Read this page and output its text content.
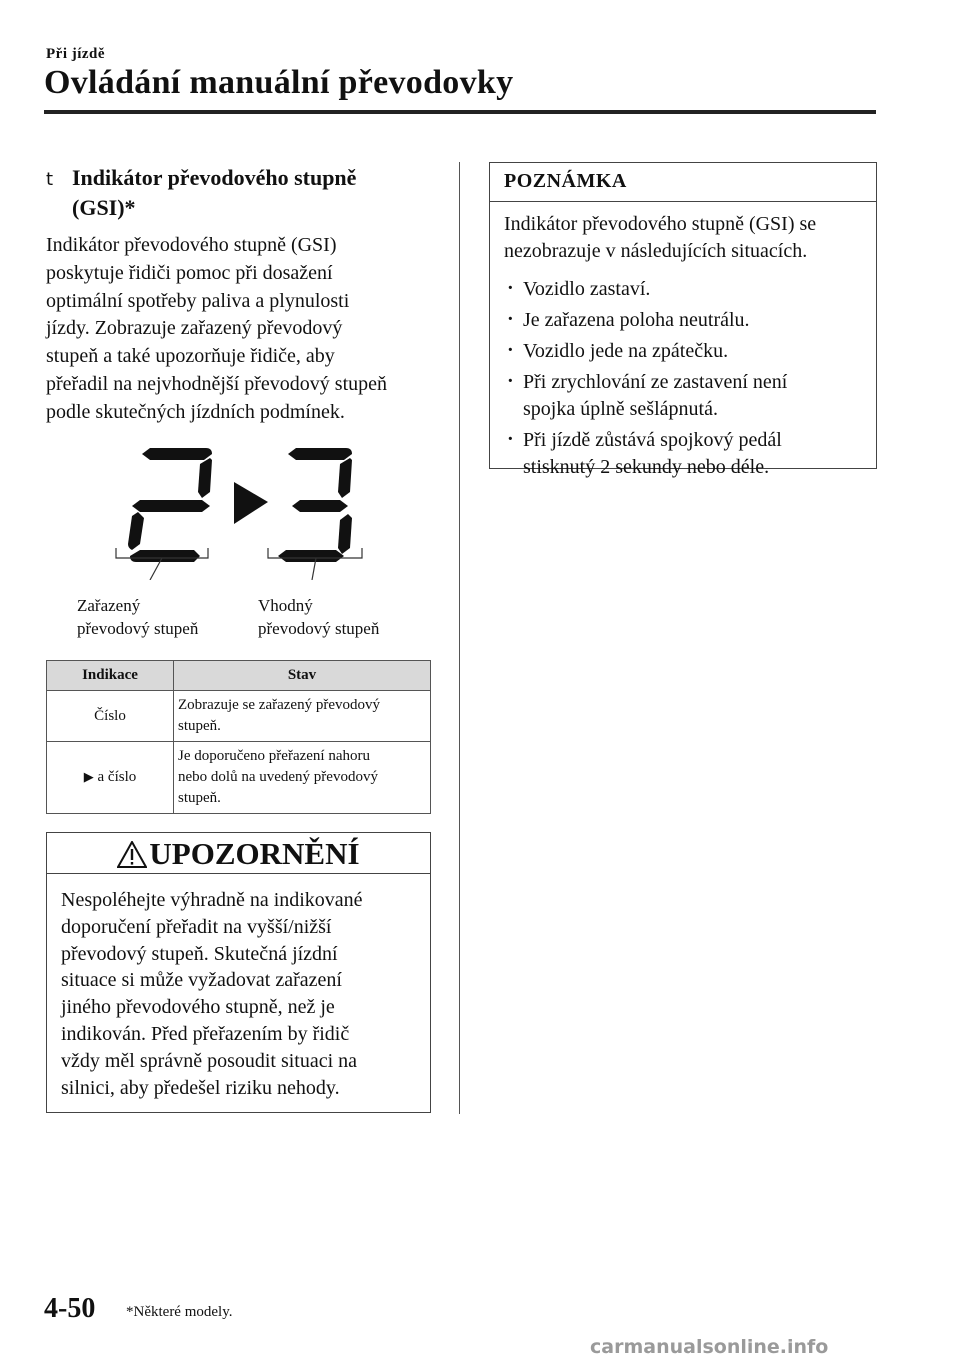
Při jízdě
Ovládání manuální převodovky
t Indikátor převodového stupně
(GSI)*

Indikátor převodového stupně (GSI)

poskytuje řidiči pomoc při dosažení

optimální spotřeby paliva a plynulosti

jízdy. Zobrazuje zařazený převodový

stupeň a také upozorňuje řidiče, aby

přeřadil na nejvhodnější převodový stupeň

podle skutečných jízdních podmínek.

Zařazený

převodový stupeň

Vhodný

převodový stupeň

Indikace	Stav
Číslo	Zobrazuje se zařazený převodový
stupeň.
▶ a číslo	Je doporučeno přeřazení nahoru
nebo dolů na uvedený převodový
stupeň.
UPOZORNĚNÍ

Nespoléhejte výhradně na indikované

doporučení přeřadit na vyšší/nižší

převodový stupeň. Skutečná jízdní

situace si může vyžadovat zařazení

jiného převodového stupně, než je

indikován. Před přeřazením by řidič

vždy měl správně posoudit situaci na

silnici, aby předešel riziku nehody.

POZNÁMKA

Indikátor převodového stupně (GSI) se

nezobrazuje v následujících situacích.

· Vozidlo zastaví.

· Je zařazena poloha neutrálu.

· Vozidlo jede na zpátečku.

· Při zrychlování ze zastavení není

spojka úplně sešlápnutá.

· Při jízdě zůstává spojkový pedál

stisknutý 2 sekundy nebo déle.

4-50 *Některé modely.
carmanualsonline.info
